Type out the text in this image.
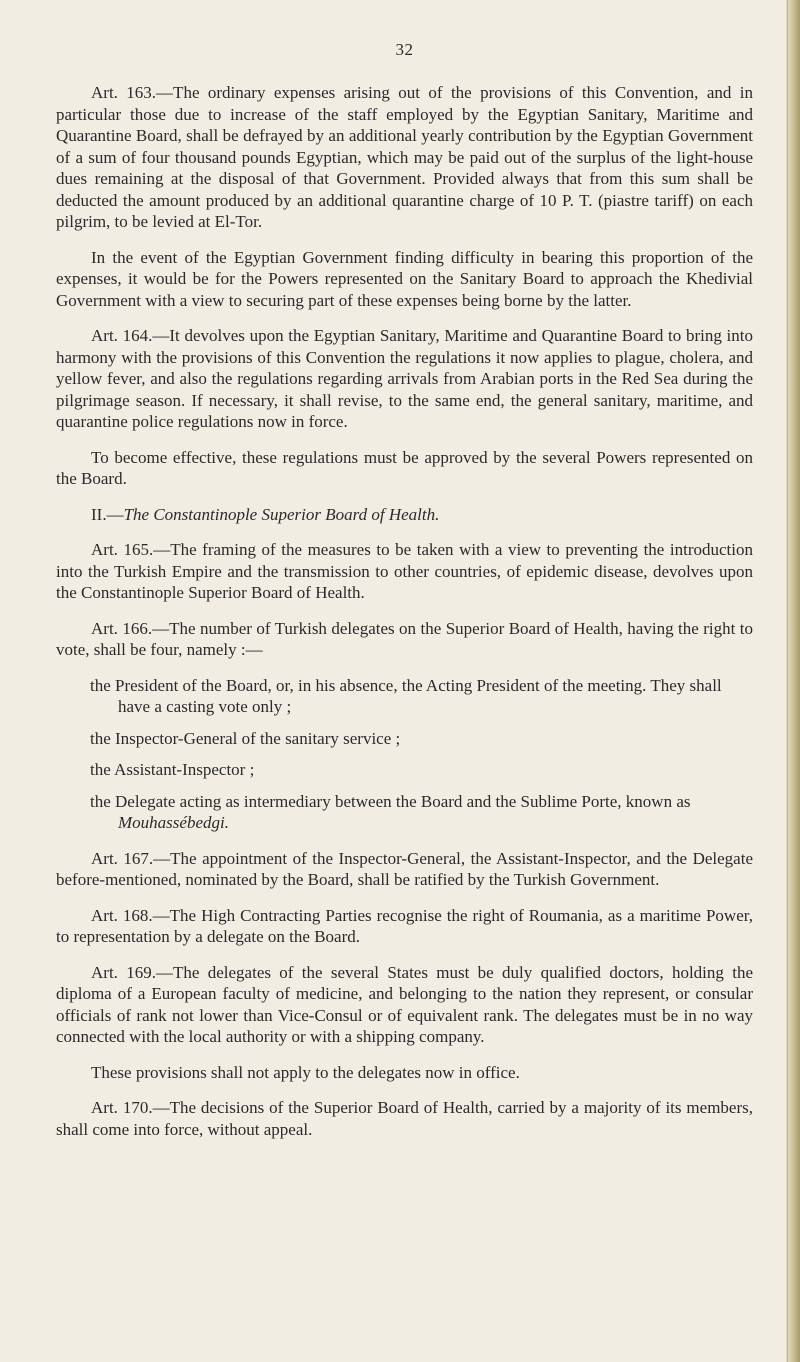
32

Art. 163.—The ordinary expenses arising out of the provisions of this Convention, and in particular those due to increase of the staff employed by the Egyptian Sanitary, Maritime and Quarantine Board, shall be defrayed by an additional yearly contribution by the Egyptian Government of a sum of four thousand pounds Egyptian, which may be paid out of the surplus of the light-house dues remaining at the disposal of that Government. Provided always that from this sum shall be deducted the amount produced by an additional quarantine charge of 10 P. T. (piastre tariff) on each pilgrim, to be levied at El-Tor.

In the event of the Egyptian Government finding difficulty in bearing this proportion of the expenses, it would be for the Powers represented on the Sanitary Board to approach the Khedivial Government with a view to securing part of these expenses being borne by the latter.

Art. 164.—It devolves upon the Egyptian Sanitary, Maritime and Quarantine Board to bring into harmony with the provisions of this Convention the regulations it now applies to plague, cholera, and yellow fever, and also the regulations regarding arrivals from Arabian ports in the Red Sea during the pilgrimage season. If necessary, it shall revise, to the same end, the general sanitary, maritime, and quarantine police regulations now in force.

To become effective, these regulations must be approved by the several Powers represented on the Board.

II.—The Constantinople Superior Board of Health.

Art. 165.—The framing of the measures to be taken with a view to preventing the introduction into the Turkish Empire and the transmission to other countries, of epidemic disease, devolves upon the Constantinople Superior Board of Health.

Art. 166.—The number of Turkish delegates on the Superior Board of Health, having the right to vote, shall be four, namely :—

the President of the Board, or, in his absence, the Acting President of the meeting. They shall have a casting vote only ;
the Inspector-General of the sanitary service ;
the Assistant-Inspector ;
the Delegate acting as intermediary between the Board and the Sublime Porte, known as Mouhassébedgi.

Art. 167.—The appointment of the Inspector-General, the Assistant-Inspector, and the Delegate before-mentioned, nominated by the Board, shall be ratified by the Turkish Government.

Art. 168.—The High Contracting Parties recognise the right of Roumania, as a maritime Power, to representation by a delegate on the Board.

Art. 169.—The delegates of the several States must be duly qualified doctors, holding the diploma of a European faculty of medicine, and belonging to the nation they represent, or consular officials of rank not lower than Vice-Consul or of equivalent rank. The delegates must be in no way connected with the local authority or with a shipping company.

These provisions shall not apply to the delegates now in office.

Art. 170.—The decisions of the Superior Board of Health, carried by a majority of its members, shall come into force, without appeal.
